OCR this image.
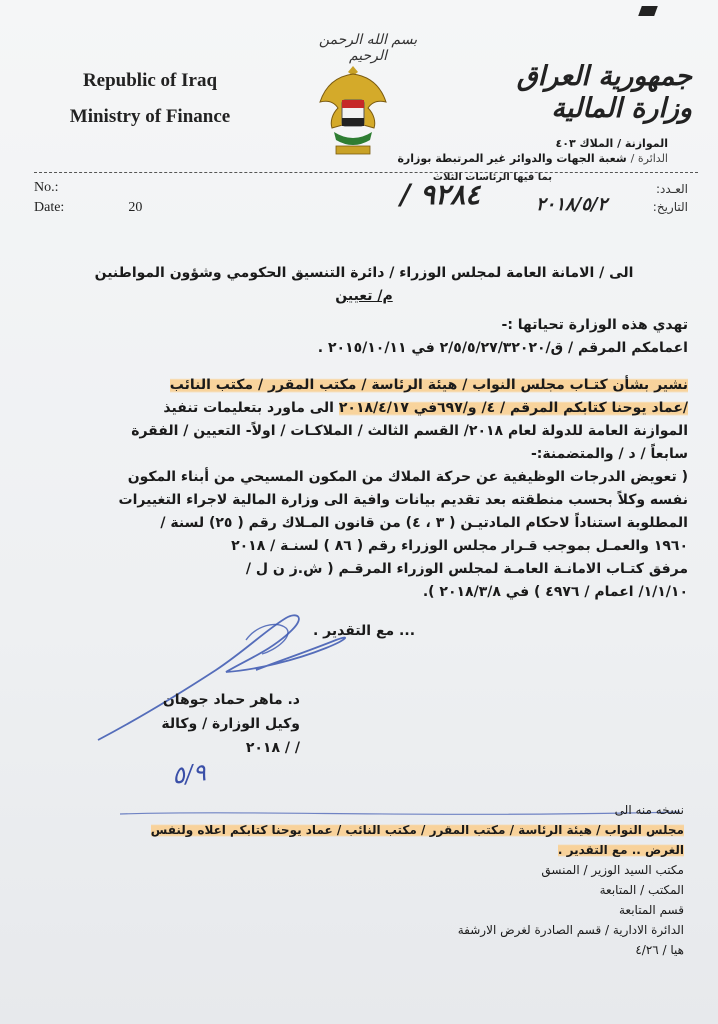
Republic of Iraq
Ministry of Finance
بسم الله الرحمن الرحيم
جمهورية العراق
وزارة المالية
الموازنة / الملاك ٤٠٣
الدائرة /شعبة الجهات والدوائر غير المرتبطة بوزارة
No.:
Date:	20
بما فيها الرئاسات الثلاث
العـدد:
التاريخ:
٩٢٨٤ /	٢٠١٨/٥/٢
الى / الامانة العامة لمجلس الوزراء / دائرة التنسيق الحكومي وشؤون المواطنين
م/ تعيين
تهدي هذه الوزارة تحياتها :-
اعمامكم المرقم / ق/٢/٥/٥/٢٧/٣٢٠٢٠ في ٢٠١٥/١٠/١١ .
نشير بشأن كتـاب مجلس النواب / هيئة الرئاسة / مكتب المقرر / مكتب النائب
/عماد يوحنا كتابكم المرقم / ٤/ و/٦٩٧في ٢٠١٨/٤/١٧ الى ماورد بتعليمات تنفيذ
الموازنة العامة للدولة لعام ٢٠١٨/ القسم الثالث / الملاكـات / اولاً- التعيين / الفقرة
سابعاً / د / والمتضمنة:-
( تعويض الدرجات الوظيفية عن حركة الملاك من المكون المسيحي من أبناء المكون
نفسه وكلاً بحسب منطقته بعد تقديم بيانات وافية الى وزارة المالية لاجراء التغييرات
المطلوبة استناداً لاحكام المادتيـن ( ٣ ، ٤) من قانون المـلاك رقم ( ٢٥) لسنة /
١٩٦٠ والعمـل بموجب قـرار مجلس الوزراء رقم ( ٨٦ ) لسنـة / ٢٠١٨
مرفق كتـاب الامانـة العامـة لمجلس الوزراء المرقـم ( ش.ز ن ل /
١/١/١٠/ اعمام / ٤٩٧٦ ) في ٢٠١٨/٣/٨ ).
... مع التقدير .
د. ماهر حماد جوهان
وكيل الوزارة / وكالة
/ / ٢٠١٨
٥/٩
نسخه منه الى
مجلس النواب / هيئة الرئاسة / مكتب المقرر / مكتب النائب / عماد يوحنا كتابكم اعلاه ولنفس
الغرض .. مع التقدير .
مكتب السيد الوزير / المنسق
المكتب / المتابعة
قسم المتابعة
الدائرة الادارية / قسم الصادرة لغرض الارشفة
هيا / ٤/٢٦
